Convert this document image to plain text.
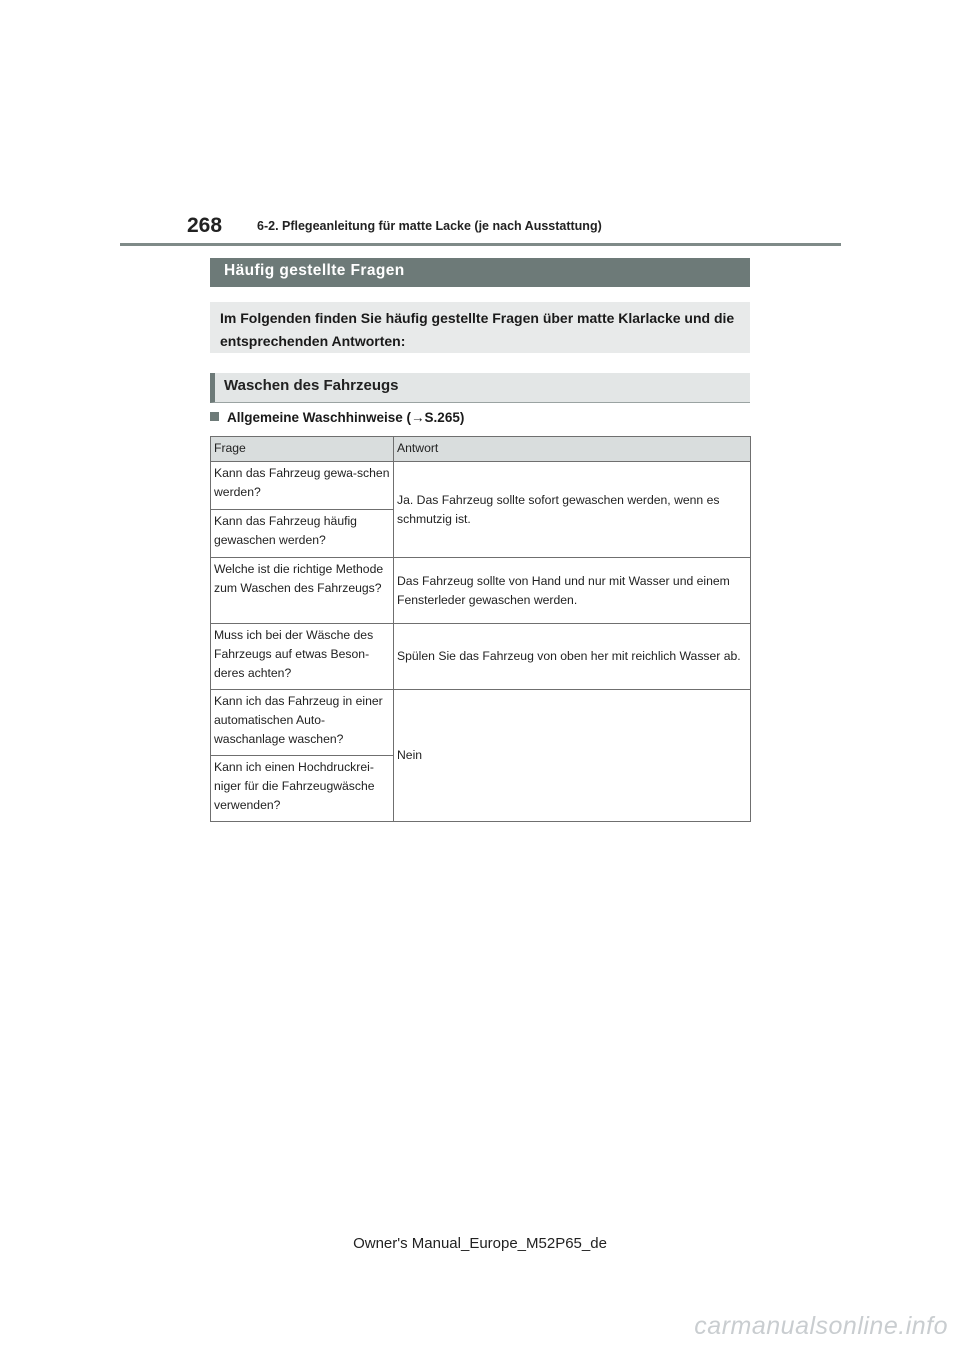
268	6-2. Pflegeanleitung für matte Lacke (je nach Ausstattung)
Häufig gestellte Fragen
Im Folgenden finden Sie häufig gestellte Fragen über matte Klarlacke und die entsprechenden Antworten:
Waschen des Fahrzeugs
Allgemeine Waschhinweise (→S.265)
Frage	Antwort
Kann das Fahrzeug gewa-schen werden?	Ja. Das Fahrzeug sollte sofort gewaschen werden, wenn es schmutzig ist.
Kann das Fahrzeug häufig gewaschen werden?	
Welche ist die richtige Methode zum Waschen des Fahrzeugs?	Das Fahrzeug sollte von Hand und nur mit Wasser und einem Fensterleder gewaschen werden.
Muss ich bei der Wäsche des Fahrzeugs auf etwas Beson-deres achten?	Spülen Sie das Fahrzeug von oben her mit reichlich Wasser ab.
Kann ich das Fahrzeug in einer automatischen Auto-waschanlage waschen?	Nein
Kann ich einen Hochdruckrei-niger für die Fahrzeugwäsche verwenden?	
Owner's Manual_Europe_M52P65_de
carmanualsonline.info
